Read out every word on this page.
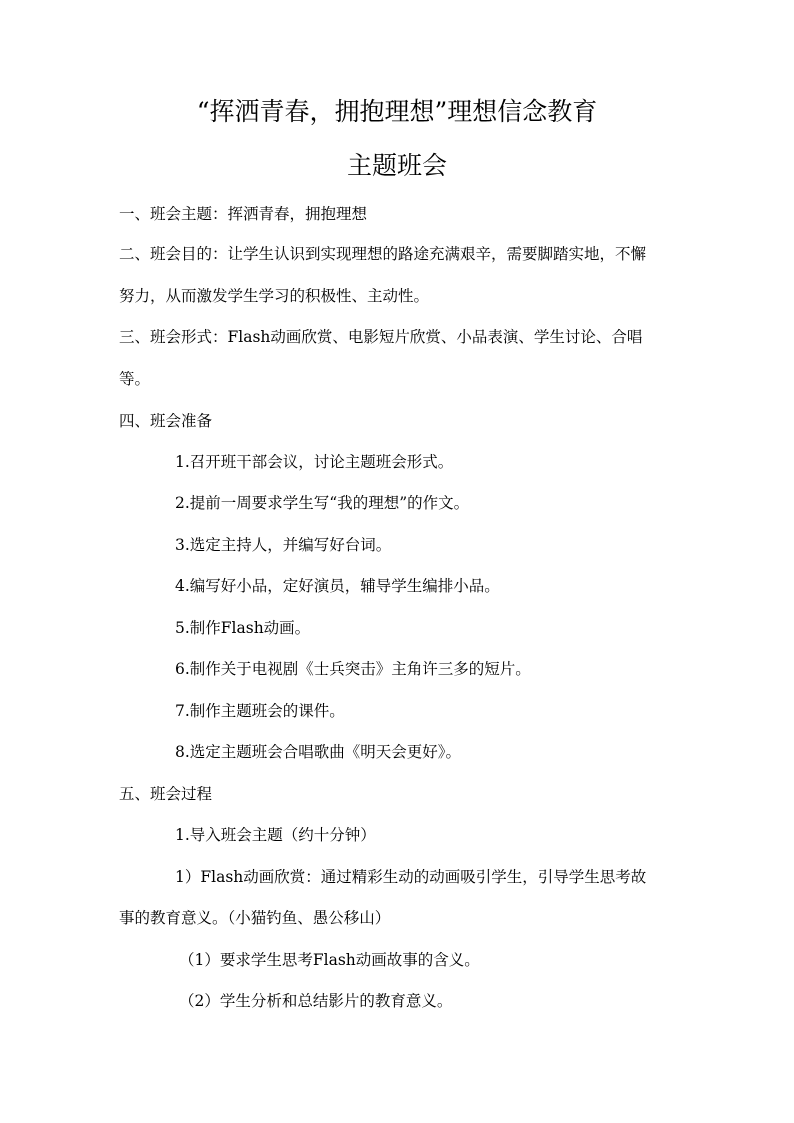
“挥洒青春，拥抱理想”理想信念教育
主题班会

一、班会主题：挥洒青春，拥抱理想

二、班会目的：让学生认识到实现理想的路途充满艰辛，需要脚踏实地，不懈

努力，从而激发学生学习的积极性、主动性。

三、班会形式：Flash动画欣赏、电影短片欣赏、小品表演、学生讨论、合唱

等。

四、班会准备

1.召开班干部会议，讨论主题班会形式。

2.提前一周要求学生写“我的理想”的作文。

3.选定主持人，并编写好台词。

4.编写好小品，定好演员，辅导学生编排小品。

5.制作Flash动画。

6.制作关于电视剧《士兵突击》主角许三多的短片。

7.制作主题班会的课件。

8.选定主题班会合唱歌曲《明天会更好》。

五、班会过程

1.导入班会主题（约十分钟）

1）Flash动画欣赏：通过精彩生动的动画吸引学生，引导学生思考故

事的教育意义。（小猫钓鱼、愚公移山）

（1）要求学生思考Flash动画故事的含义。

（2）学生分析和总结影片的教育意义。
